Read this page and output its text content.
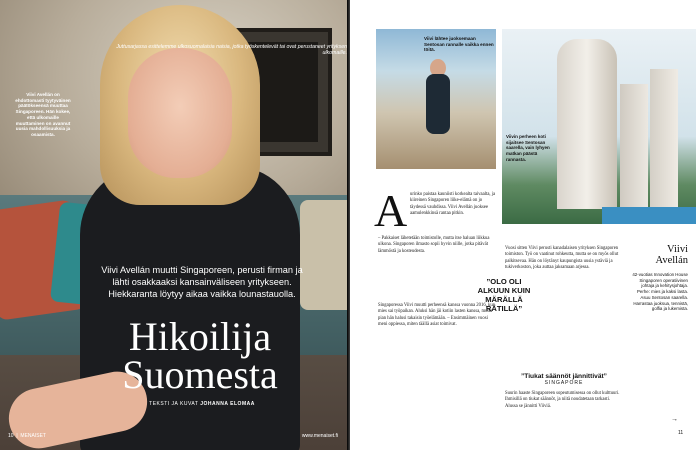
Juttusarjassa esittelemme ulkosuomalaisia naisia, jotka työskentelevät tai ovat perustaneet yrityksen ulkomaille.
Viivi Avellán on ehdottomasti tyytyväinen päätökseensä muuttaa Singaporeen. Hän kokee, että ulkomaille muuttaminen on avannut uusia mahdollisuuksia ja osaamista.
Viivi Avellán muutti Singaporeen, perusti firman ja lähti osakkaaksi kansainväliseen yritykseen. Hiekkaranta löytyy aikaa vaikka lounastauolla.
Hikoilija
Suomesta
TEKSTI JA KUVAT JOHANNA ELOMAA
10  |  MENAISET	www.menaiset.fi
Viivi lähtee juoksemaan Sentosan rannalle vaikka ennen töitä.
Viivin perheen koti sijaitsee Sentosan saarella, vain lyhyen matkan päästä rannasta.
A urinko paistaa kauniisti korkealta taivaalta, ja kiireinen Singaporen liike-elämä on jo täydessä vauhdissa. Viivi Avellán juoksee aamulenkkinsä rantaa pitkin.
– Pakkaiset lähetetään toimistolle, mutta itse haluan liikkua ulkona. Singaporen ilmasto sopii hyvin niille, jotka pitävät lämmöstä ja kosteudesta.
Singaporessa Viivi muutti perheensä kanssa vuonna 2016, kun mies sai työpaikan. Aluksi hän jäi kotiin lasten kanssa, mutta pian hän halusi takaisin työelämään. – Ensimmäinen vuosi meni oppiessa, miten täällä asiat toimivat.
”OLO OLI ALKUUN KUIN MÄRÄLLÄ RÄTILLÄ”
Vuosi sitten Viivi perusti kanadalaisen yrityksen Singaporen toimiston. Työ on vaatinut rohkeutta, mutta se on myös ollut palkitsevaa. Hän on löytänyt kaupungista uusia ystäviä ja tukiverkoston, joka auttaa jaksamaan arjessa.
”Tiukat säännöt jännittivät”
SINGAPORE
Suurin haaste Singaporeen sopeutumisessa on ollut kulttuuri. Ihmisillä on tiukat säännöt, ja niitä noudatetaan tarkasti. Alussa se jännitti Viiviä.
Viivi
Avellán
42-vuotias Innovation House Singaporen operatiivinen johtaja ja kehitysjohtaja. Perhe: mies ja kaksi lasta. Asuu Sentosan saarella. Harrastaa juoksua, tennistä, golfia ja lukemista.
→
11
